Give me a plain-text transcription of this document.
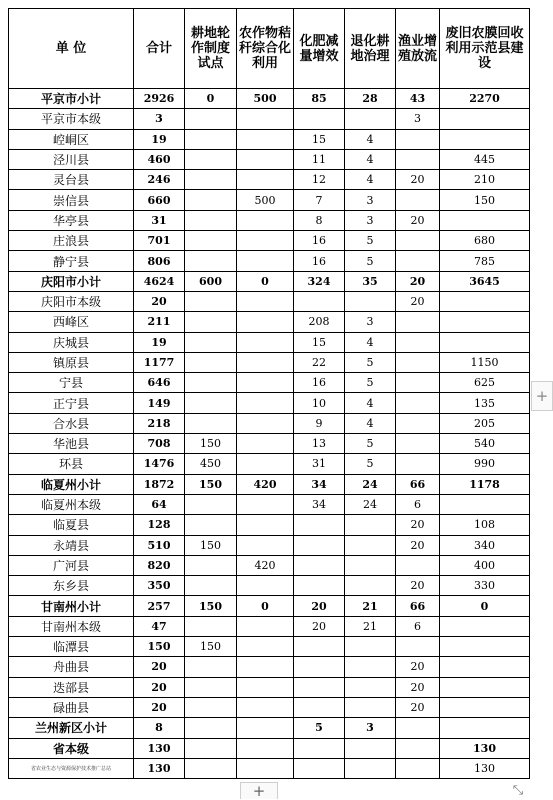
单 位	合计	耕地轮作制度试点	农作物秸秆综合化利用	化肥减量增效	退化耕地治理	渔业增殖放流	废旧农膜回收利用示范县建设
平京市小计	2926	0	500	85	28	43	2270
平京市本级	3					3	
崆峒区	19			15	4		
泾川县	460			11	4		445
灵台县	246			12	4	20	210
崇信县	660		500	7	3		150
华亭县	31			8	3	20	
庄浪县	701			16	5		680
静宁县	806			16	5		785
庆阳市小计	4624	600	0	324	35	20	3645
庆阳市本级	20					20	
西峰区	211			208	3		
庆城县	19			15	4		
镇原县	1177			22	5		1150
宁县	646			16	5		625
正宁县	149			10	4		135
合水县	218			9	4		205
华池县	708	150		13	5		540
环县	1476	450		31	5		990
临夏州小计	1872	150	420	34	24	66	1178
临夏州本级	64			34	24	6	
临夏县	128					20	108
永靖县	510	150				20	340
广河县	820		420				400
东乡县	350					20	330
甘南州小计	257	150	0	20	21	66	0
甘南州本级	47			20	21	6	
临潭县	150	150					
舟曲县	20					20	
迭部县	20					20	
碌曲县	20					20	
兰州新区小计	8			5	3		
省本级	130						130
省农业生态与资源保护技术推广总站	130						130
+
+	⤡
